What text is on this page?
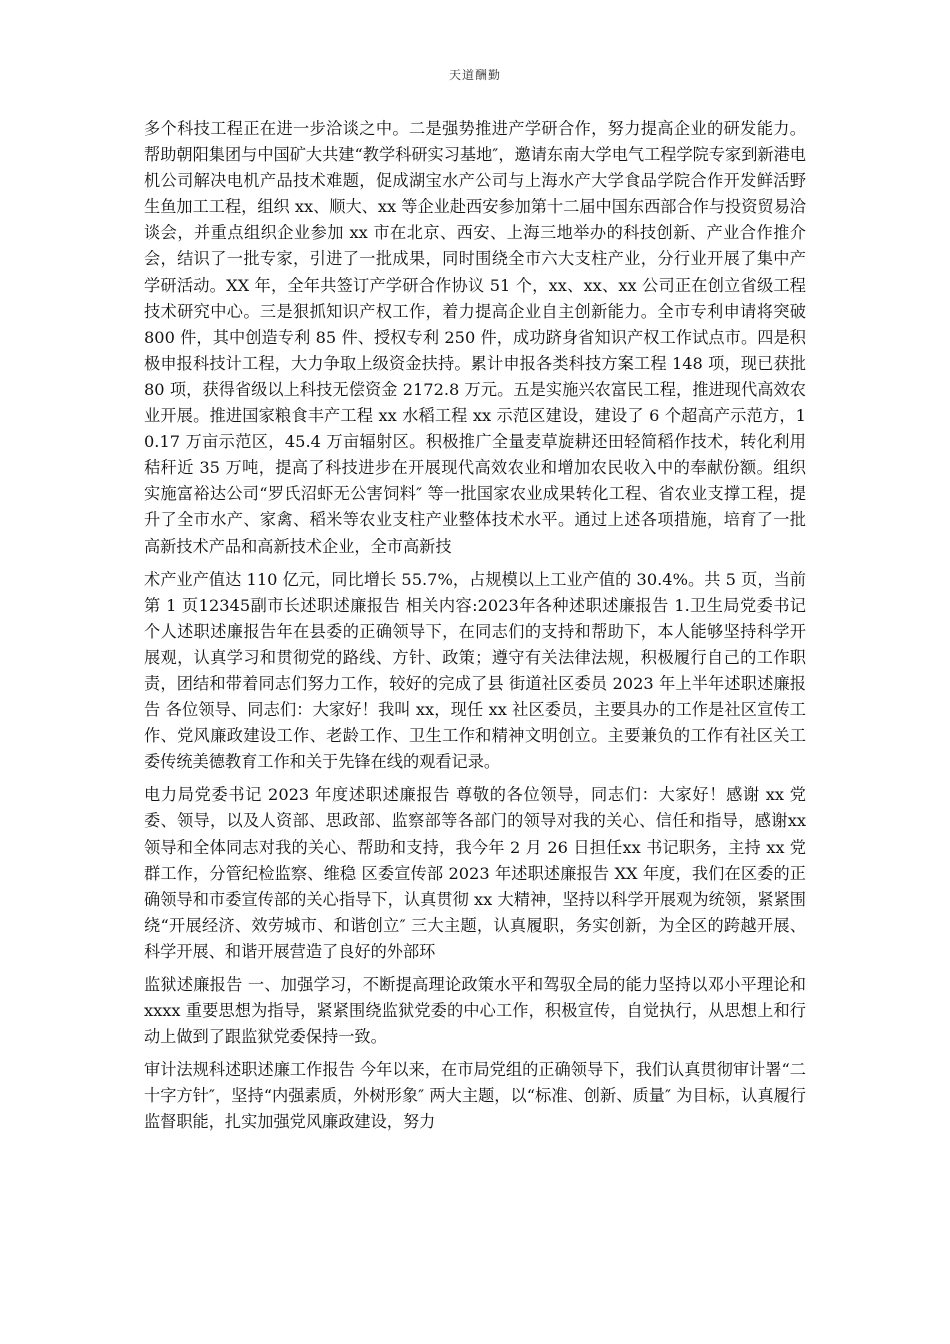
天道酬勤

多个科技工程正在进一步洽谈之中。二是强势推进产学研合作，努力提高企业的研发能力。帮助朝阳集团与中国矿大共建“教学科研实习基地″，邀请东南大学电气工程学院专家到新港电机公司解决电机产品技术难题，促成湖宝水产公司与上海水产大学食品学院合作开发鲜活野生鱼加工工程，组织 xx、顺大、xx 等企业赴西安参加第十二届中国东西部合作与投资贸易洽谈会，并重点组织企业参加 xx 市在北京、西安、上海三地举办的科技创新、产业合作推介会，结识了一批专家，引进了一批成果，同时围绕全市六大支柱产业，分行业开展了集中产学研活动。XX 年，全年共签订产学研合作协议 51 个，xx、xx、xx 公司正在创立省级工程技术研究中心。三是狠抓知识产权工作，着力提高企业自主创新能力。全市专利申请将突破 800 件，其中创造专利 85 件、授权专利 250 件，成功跻身省知识产权工作试点市。四是积极申报科技计工程，大力争取上级资金扶持。累计申报各类科技方案工程 148 项，现已获批 80 项，获得省级以上科技无偿资金 2172.8 万元。五是实施兴农富民工程，推进现代高效农业开展。推进国家粮食丰产工程 xx 水稻工程 xx 示范区建设，建设了 6 个超高产示范方，10.17 万亩示范区，45.4 万亩辐射区。积极推广全量麦草旋耕还田轻简稻作技术，转化利用秸秆近 35 万吨，提高了科技进步在开展现代高效农业和增加农民收入中的奉献份额。组织实施富裕达公司“罗氏沼虾无公害饲料″ 等一批国家农业成果转化工程、省农业支撑工程，提升了全市水产、家禽、稻米等农业支柱产业整体技术水平。通过上述各项措施，培育了一批高新技术产品和高新技术企业，全市高新技

术产业产值达 110 亿元，同比增长 55.7%，占规模以上工业产值的 30.4%。共 5 页，当前第 1 页12345副市长述职述廉报告 相关内容:2023年各种述职述廉报告 1.卫生局党委书记个人述职述廉报告年在县委的正确领导下，在同志们的支持和帮助下，本人能够坚持科学开展观，认真学习和贯彻党的路线、方针、政策；遵守有关法律法规，积极履行自己的工作职责，团结和带着同志们努力工作，较好的完成了县 街道社区委员 2023 年上半年述职述廉报告 各位领导、同志们：大家好！我叫 xx，现任 xx 社区委员，主要具办的工作是社区宣传工作、党风廉政建设工作、老龄工作、卫生工作和精神文明创立。主要兼负的工作有社区关工委传统美德教育工作和关于先锋在线的观看记录。

电力局党委书记 2023 年度述职述廉报告 尊敬的各位领导，同志们：大家好！感谢 xx 党委、领导，以及人资部、思政部、监察部等各部门的领导对我的关心、信任和指导，感谢xx 领导和全体同志对我的关心、帮助和支持，我今年 2 月 26 日担任xx 书记职务，主持 xx 党群工作，分管纪检监察、维稳 区委宣传部 2023 年述职述廉报告 XX 年度，我们在区委的正确领导和市委宣传部的关心指导下，认真贯彻 xx 大精神，坚持以科学开展观为统领，紧紧围绕“开展经济、效劳城市、和谐创立″ 三大主题，认真履职，务实创新，为全区的跨越开展、科学开展、和谐开展营造了良好的外部环

监狱述廉报告 一、加强学习，不断提高理论政策水平和驾驭全局的能力坚持以邓小平理论和 xxxx 重要思想为指导，紧紧围绕监狱党委的中心工作，积极宣传，自觉执行，从思想上和行动上做到了跟监狱党委保持一致。

审计法规科述职述廉工作报告 今年以来，在市局党组的正确领导下，我们认真贯彻审计署“二十字方针″，坚持“内强素质，外树形象″ 两大主题，以“标准、创新、质量″ 为目标，认真履行监督职能，扎实加强党风廉政建设，努力
